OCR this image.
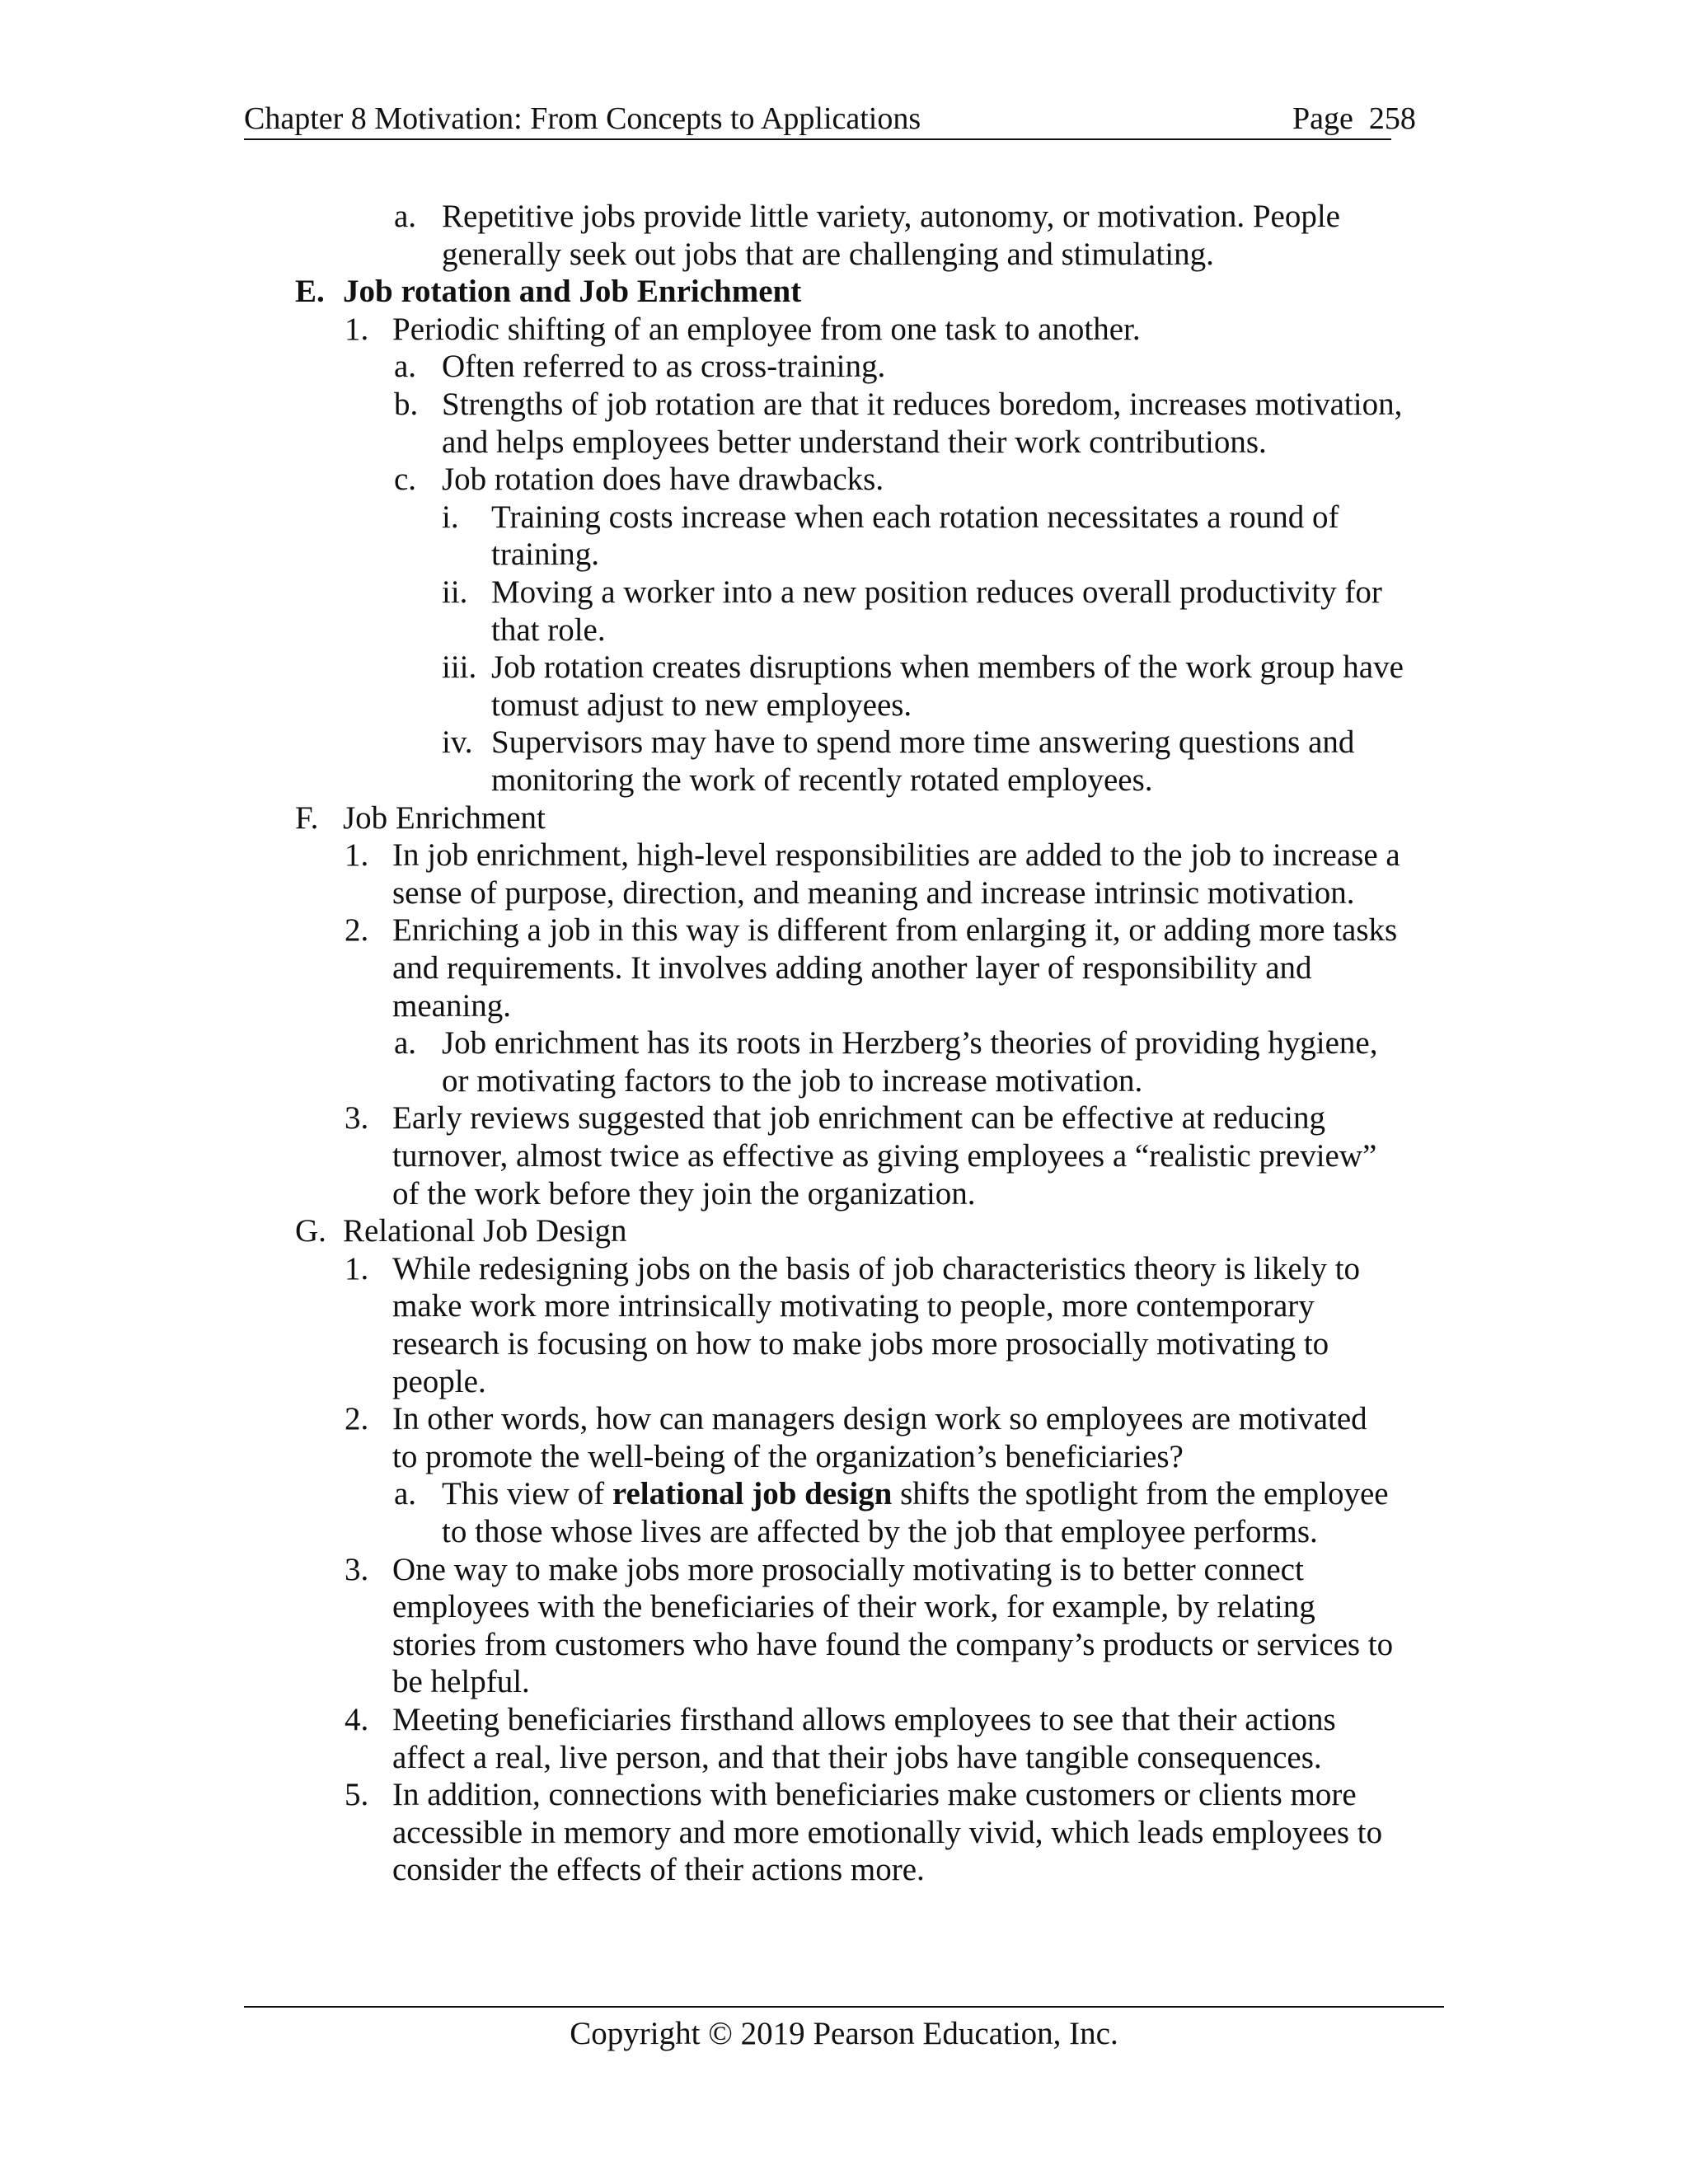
Chapter 8 Motivation: From Concepts to Applications	Page 258
a. Repetitive jobs provide little variety, autonomy, or motivation. People
generally seek out jobs that are challenging and stimulating.
E. Job rotation and Job Enrichment
1. Periodic shifting of an employee from one task to another.
a. Often referred to as cross-training.
b. Strengths of job rotation are that it reduces boredom, increases motivation,
and helps employees better understand their work contributions.
c. Job rotation does have drawbacks.
i. Training costs increase when each rotation necessitates a round of
training.
ii. Moving a worker into a new position reduces overall productivity for
that role.
iii. Job rotation creates disruptions when members of the work group have
tomust adjust to new employees.
iv. Supervisors may have to spend more time answering questions and
monitoring the work of recently rotated employees.
F. Job Enrichment
1. In job enrichment, high-level responsibilities are added to the job to increase a
sense of purpose, direction, and meaning and increase intrinsic motivation.
2. Enriching a job in this way is different from enlarging it, or adding more tasks
and requirements. It involves adding another layer of responsibility and
meaning.
a. Job enrichment has its roots in Herzberg’s theories of providing hygiene,
or motivating factors to the job to increase motivation.
3. Early reviews suggested that job enrichment can be effective at reducing
turnover, almost twice as effective as giving employees a “realistic preview”
of the work before they join the organization.
G. Relational Job Design
1. While redesigning jobs on the basis of job characteristics theory is likely to
make work more intrinsically motivating to people, more contemporary
research is focusing on how to make jobs more prosocially motivating to
people.
2. In other words, how can managers design work so employees are motivated
to promote the well-being of the organization’s beneficiaries?
a. This view of relational job design shifts the spotlight from the employee
to those whose lives are affected by the job that employee performs.
3. One way to make jobs more prosocially motivating is to better connect
employees with the beneficiaries of their work, for example, by relating
stories from customers who have found the company’s products or services to
be helpful.
4. Meeting beneficiaries firsthand allows employees to see that their actions
affect a real, live person, and that their jobs have tangible consequences.
5. In addition, connections with beneficiaries make customers or clients more
accessible in memory and more emotionally vivid, which leads employees to
consider the effects of their actions more.
Copyright © 2019 Pearson Education, Inc.
